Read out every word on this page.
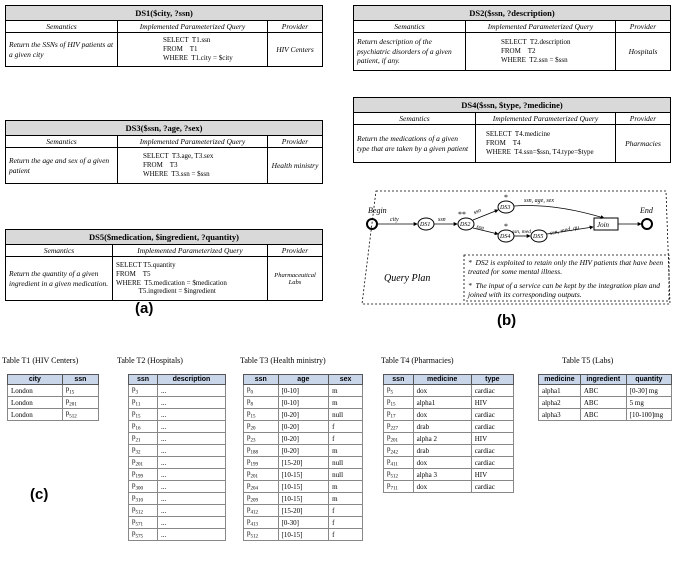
DS1($city, ?ssn)		
Semantics	Implemented Parameterized Query	Provider
Return the SSNs of HIV patients at a given city	SELECT  T1.ssn
FROM    T1
WHERE  T1.city = $city	HIV Centers
DS2($ssn, ?description)		
Semantics	Implemented Parameterized Query	Provider
Return description of the psychiatric disorders of a given patient, if any.	SELECT  T2.description
FROM    T2
WHERE  T2.ssn = $ssn	Hospitals
DS3($ssn, ?age, ?sex)		
Semantics	Implemented Parameterized Query	Provider
Return the age and sex of a given patient	SELECT  T3.age, T3.sex
FROM    T3
WHERE  T3.ssn = $ssn	Health ministry
DS4($ssn, $type, ?medicine)		
Semantics	Implemented Parameterized Query	Provider
Return the medications of a given type that are taken by a given patient	SELECT  T4.medicine
FROM    T4
WHERE  T4.ssn=$ssn, T4.type=$type	Pharmacies
DS5($medication, $ingredient, ?quantity)		
Semantics	Implemented Parameterized Query	Provider
Return the quantity of a given ingredient in a given medication.	SELECT T5.quantity
FROM    T5
WHERE  T5.medication = $medication
T5.ingredient = $ingredient	Pharmaceutical Labs
(a)
(b)
(c)
Begin	End
DS1	DS2
DS3
DS4	DS5
Join
*
**
*
city	ssn
ssn
ssn
ssn, age, sex
ssn, med	ssn, med, qu
Query Plan
* DS2 is exploited to retain only the HIV patients that have been treated for some mental illness.
* The input of a service can be kept by the integration plan and joined with its corresponding outputs.
Table T1 (HIV Centers)
city	ssn
London	$p_{15}$
London	$p_{201}$
London	$p_{512}$
Table T2 (Hospitals)
ssn	description
$p_3$	...
$p_{11}$	...
$p_{15}$	...
$p_{16}$	...
$p_{21}$	...
$p_{32}$	...
$p_{201}$	...
$p_{199}$	...
$p_{300}$	...
$p_{310}$	...
$p_{512}$	...
$p_{571}$	...
$p_{575}$	...
Table T3 (Health ministry)
ssn	age	sex
$p_0$	[0-10]	m
$p_8$	[0-10]	m
$p_{15}$	[0-20]	null
$p_{20}$	[0-20]	f
$p_{23}$	[0-20]	f
$p_{188}$	[0-20]	m
$p_{199}$	[15-20]	null
$p_{201}$	[10-15]	null
$p_{204}$	[10-15]	m
$p_{209}$	[10-15]	m
$p_{412}$	[15-20]	f
$p_{413}$	[0-30]	f
$p_{512}$	[10-15]	f
Table T4 (Pharmacies)
ssn	medicine	type
$p_5$	dox	cardiac
$p_{15}$	alpha1	HIV
$p_{17}$	dox	cardiac
$p_{227}$	drab	cardiac
$p_{201}$	alpha 2	HIV
$p_{242}$	drab	cardiac
$p_{411}$	dox	cardiac
$p_{512}$	alpha 3	HIV
$p_{711}$	dox	cardiac
Table T5 (Labs)
medicine	ingredient	quantity
alpha1	ABC	[0-30] mg
alpha2	ABC	5 mg
alpha3	ABC	[10-100]mg
